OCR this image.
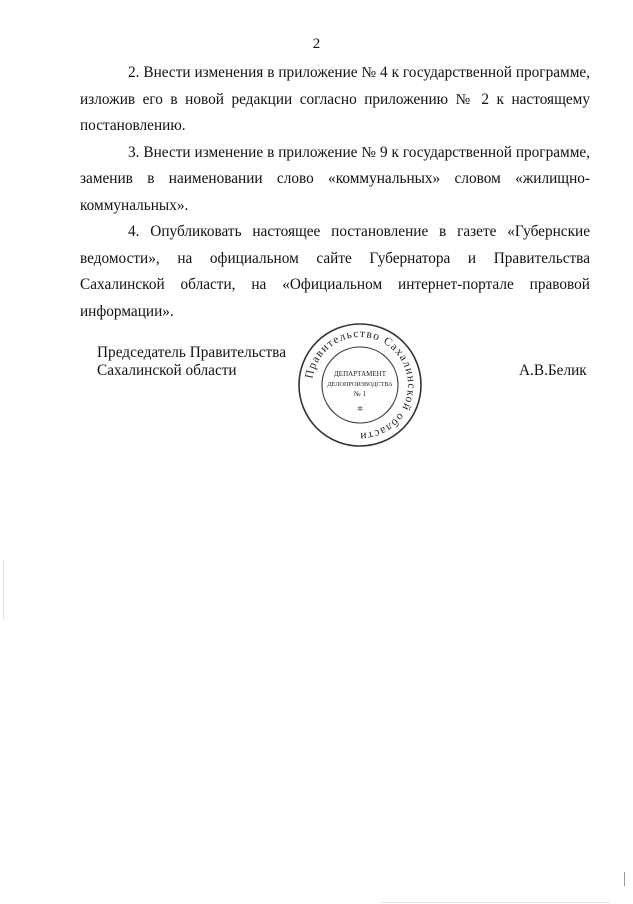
2

2. Внести изменения в приложение № 4 к государственной программе, изложив его в новой редакции согласно приложению № 2 к настоящему постановлению.

3. Внести изменение в приложение № 9 к государственной программе, заменив в наименовании слово «коммунальных» словом «жилищно-коммунальных».

4. Опубликовать настоящее постановление в газете «Губернские ведомости», на официальном сайте Губернатора и Правительства Сахалинской области, на «Официальном интернет-портале правовой информации».

Председатель Правительства
Сахалинской области	А.В.Белик
Правительство Сахалинской области
ДЕПАРТАМЕНТ
ДЕЛОПРОИЗВОДСТВА
№ 1
✲
